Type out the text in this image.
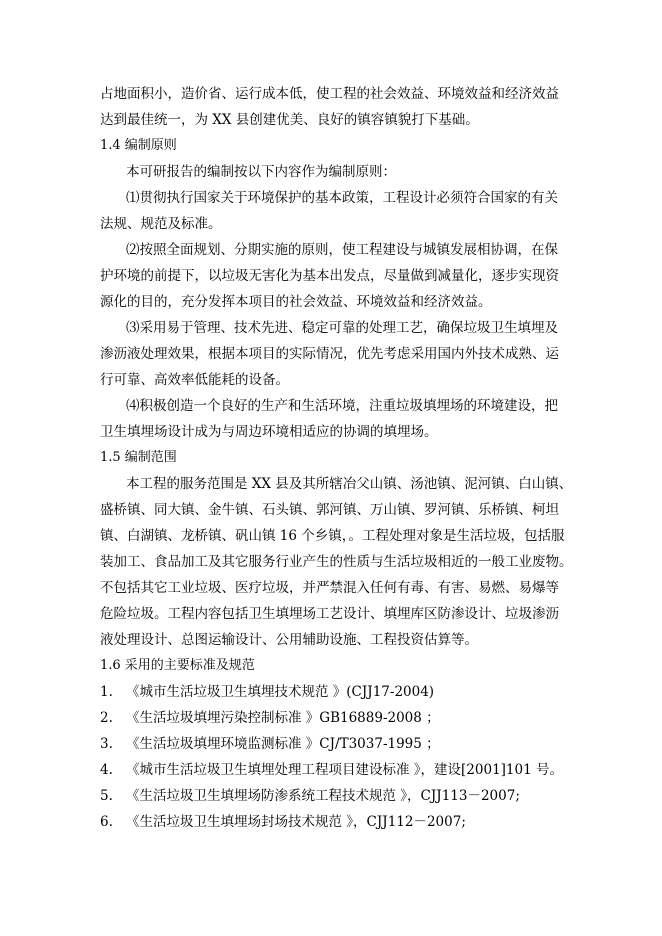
占地面积小，造价省、运行成本低，使工程的社会效益、环境效益和经济效益
达到最佳统一，为 XX 县创建优美、良好的镇容镇貌打下基础。
1.4 编制原则
本可研报告的编制按以下内容作为编制原则：
⑴贯彻执行国家关于环境保护的基本政策，工程设计必须符合国家的有关
法规、规范及标准。
⑵按照全面规划、分期实施的原则，使工程建设与城镇发展相协调，在保
护环境的前提下，以垃圾无害化为基本出发点，尽量做到减量化，逐步实现资
源化的目的，充分发挥本项目的社会效益、环境效益和经济效益。
⑶采用易于管理、技术先进、稳定可靠的处理工艺，确保垃圾卫生填埋及
渗沥液处理效果，根据本项目的实际情况，优先考虑采用国内外技术成熟、运
行可靠、高效率低能耗的设备。
⑷积极创造一个良好的生产和生活环境，注重垃圾填埋场的环境建设，把
卫生填埋场设计成为与周边环境相适应的协调的填埋场。
1.5 编制范围
本工程的服务范围是 XX 县及其所辖冶父山镇、汤池镇、泥河镇、白山镇、
盛桥镇、同大镇、金牛镇、石头镇、郭河镇、万山镇、罗河镇、乐桥镇、柯坦
镇、白湖镇、龙桥镇、矾山镇 16 个乡镇，。工程处理对象是生活垃圾，包括服
装加工、食品加工及其它服务行业产生的性质与生活垃圾相近的一般工业废物。
不包括其它工业垃圾、医疗垃圾，并严禁混入任何有毒、有害、易燃、易爆等
危险垃圾。工程内容包括卫生填埋场工艺设计、填埋库区防渗设计、垃圾渗沥
液处理设计、总图运输设计、公用辅助设施、工程投资估算等。
1.6 采用的主要标准及规范
1. 《城市生活垃圾卫生填埋技术规范 》(CJJ17-2004)
2. 《生活垃圾填埋污染控制标准 》GB16889-2008 ；
3. 《生活垃圾填埋环境监测标准 》CJ/T3037-1995 ；
4. 《城市生活垃圾卫生填埋处理工程项目建设标准 》，建设[2001]101 号。
5. 《生活垃圾卫生填埋场防渗系统工程技术规范 》，CJJ113－2007;
6. 《生活垃圾卫生填埋场封场技术规范 》，CJJ112－2007;
